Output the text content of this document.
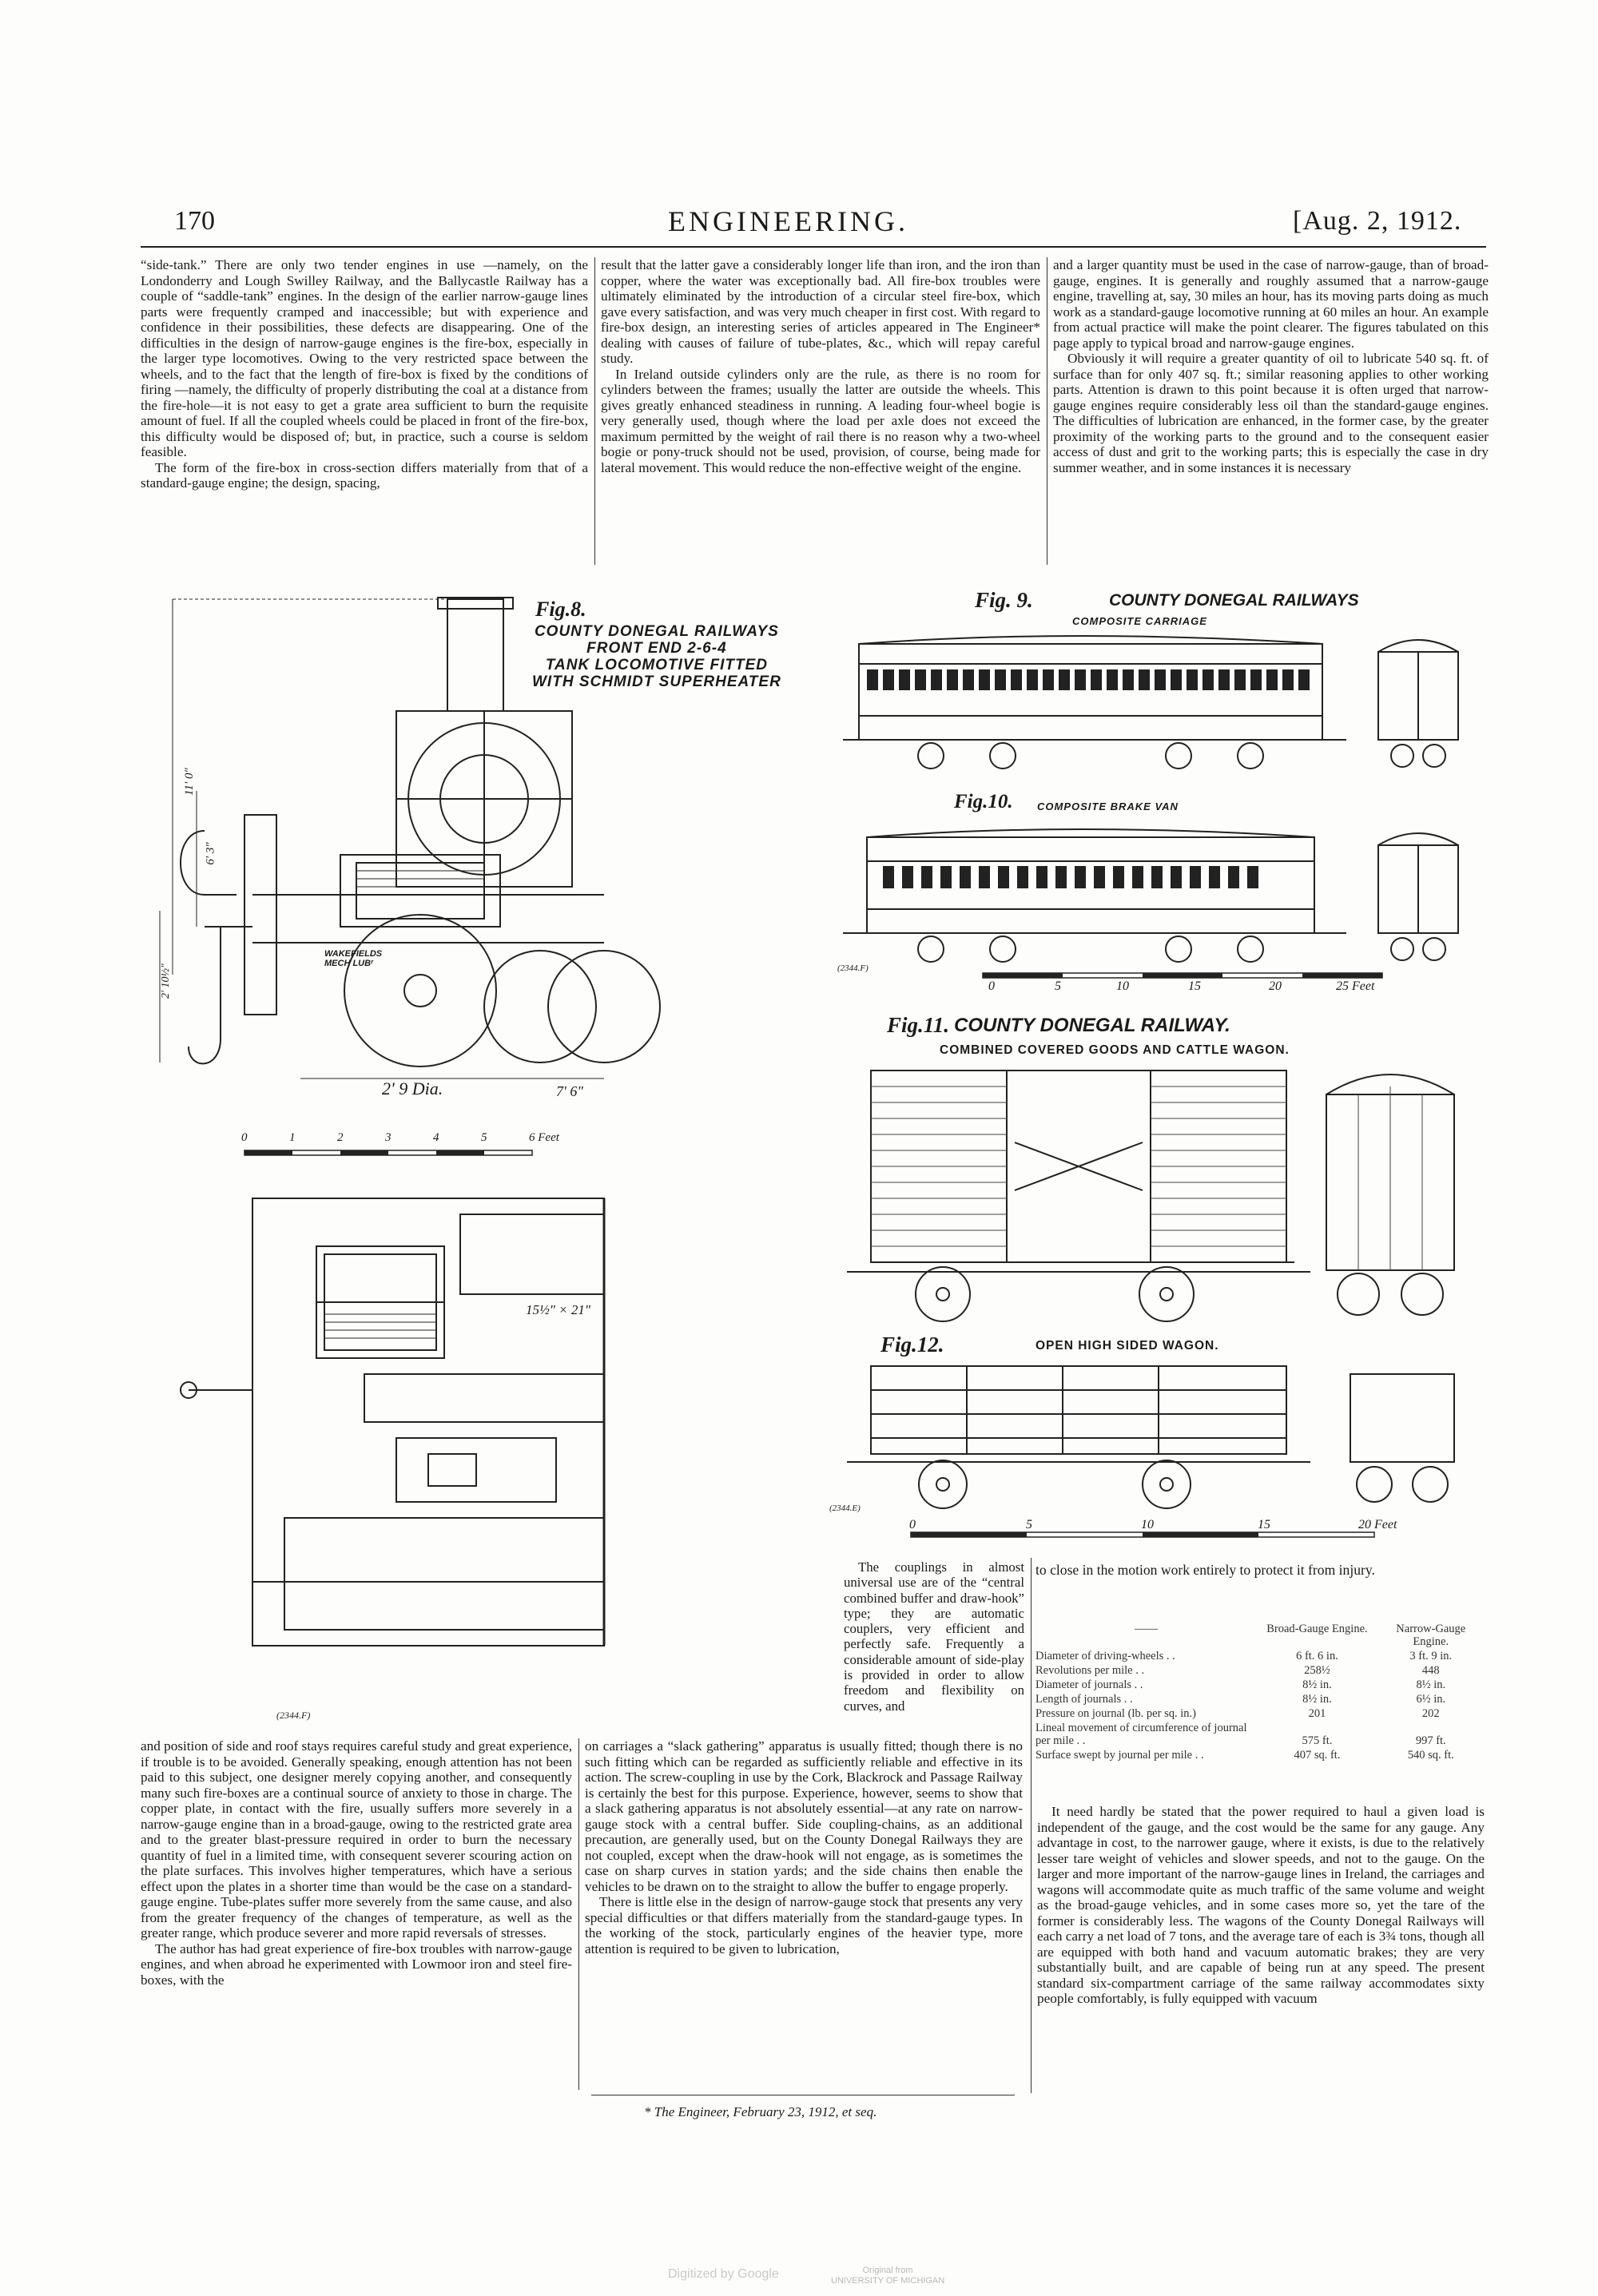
170	ENGINEERING.	[Aug. 2, 1912.

“side-tank.” There are only two tender engines in use —namely, on the Londonderry and Lough Swilley Railway, and the Ballycastle Railway has a couple of “saddle-tank” engines. In the design of the earlier narrow-gauge lines parts were frequently cramped and inaccessible; but with experience and confidence in their possibilities, these defects are disappearing. One of the difficulties in the design of narrow-gauge engines is the fire-box, especially in the larger type locomotives. Owing to the very restricted space between the wheels, and to the fact that the length of fire-box is fixed by the conditions of firing —namely, the difficulty of properly distributing the coal at a distance from the fire-hole—it is not easy to get a grate area sufficient to burn the requisite amount of fuel. If all the coupled wheels could be placed in front of the fire-box, this difficulty would be disposed of; but, in practice, such a course is seldom feasible.

The form of the fire-box in cross-section differs materially from that of a standard-gauge engine; the design, spacing,

result that the latter gave a considerably longer life than iron, and the iron than copper, where the water was exceptionally bad. All fire-box troubles were ultimately eliminated by the introduction of a circular steel fire-box, which gave every satisfaction, and was very much cheaper in first cost. With regard to fire-box design, an interesting series of articles appeared in The Engineer* dealing with causes of failure of tube-plates, &c., which will repay careful study.

In Ireland outside cylinders only are the rule, as there is no room for cylinders between the frames; usually the latter are outside the wheels. This gives greatly enhanced steadiness in running. A leading four-wheel bogie is very generally used, though where the load per axle does not exceed the maximum permitted by the weight of rail there is no reason why a two-wheel bogie or pony-truck should not be used, provision, of course, being made for lateral movement. This would reduce the non-effective weight of the engine.

and a larger quantity must be used in the case of narrow-gauge, than of broad-gauge, engines. It is generally and roughly assumed that a narrow-gauge engine, travelling at, say, 30 miles an hour, has its moving parts doing as much work as a standard-gauge locomotive running at 60 miles an hour. An example from actual practice will make the point clearer. The figures tabulated on this page apply to typical broad and narrow-gauge engines.

Obviously it will require a greater quantity of oil to lubricate 540 sq. ft. of surface than for only 407 sq. ft.; similar reasoning applies to other working parts. Attention is drawn to this point because it is often urged that narrow-gauge engines require considerably less oil than the standard-gauge engines. The difficulties of lubrication are enhanced, in the former case, by the greater proximity of the working parts to the ground and to the consequent easier access of dust and grit to the working parts; this is especially the case in dry summer weather, and in some instances it is necessary

Fig.8.
COUNTY DONEGAL RAILWAYS
FRONT END 2-6-4
TANK LOCOMOTIVE FITTED
WITH SCHMIDT SUPERHEATER
11' 0"
6' 3"
2' 10½"
2' 9 Dia.	7' 6"
15½" × 21"
WAKEFIELDS
MECH LUBʳ
0	1	2	3	4	5	6 Feet
(2344.F)
Fig. 9.	COUNTY DONEGAL RAILWAYS
COMPOSITE CARRIAGE
Fig.10. COMPOSITE BRAKE VAN
(2344.F)
0	5	10	15	20	25 Feet
Fig.11. COUNTY DONEGAL RAILWAY.
COMBINED COVERED GOODS AND CATTLE WAGON.
Fig.12.	OPEN HIGH SIDED WAGON.
(2344.E)
0	5	10	15	20 Feet

The couplings in almost universal use are of the “central combined buffer and draw-hook” type; they are automatic couplers, very efficient and perfectly safe. Frequently a considerable amount of side-play is provided in order to allow freedom and flexibility on curves, and

to close in the motion work entirely to protect it from injury.

——	Broad-Gauge Engine.	Narrow-Gauge Engine.
Diameter of driving-wheels . .	6 ft. 6 in.	3 ft. 9 in.
Revolutions per mile . .	258½	448
Diameter of journals . .	8½ in.	8½ in.
Length of journals . .	8½ in.	6½ in.
Pressure on journal (lb. per sq. in.)	201	202
Lineal movement of circumference of journal per mile . .	575 ft.	997 ft.
Surface swept by journal per mile . .	407 sq. ft.	540 sq. ft.

and position of side and roof stays requires careful study and great experience, if trouble is to be avoided. Generally speaking, enough attention has not been paid to this subject, one designer merely copying another, and consequently many such fire-boxes are a continual source of anxiety to those in charge. The copper plate, in contact with the fire, usually suffers more severely in a narrow-gauge engine than in a broad-gauge, owing to the restricted grate area and to the greater blast-pressure required in order to burn the necessary quantity of fuel in a limited time, with consequent severer scouring action on the plate surfaces. This involves higher temperatures, which have a serious effect upon the plates in a shorter time than would be the case on a standard-gauge engine. Tube-plates suffer more severely from the same cause, and also from the greater frequency of the changes of temperature, as well as the greater range, which produce severer and more rapid reversals of stresses.

The author has had great experience of fire-box troubles with narrow-gauge engines, and when abroad he experimented with Lowmoor iron and steel fire-boxes, with the

on carriages a “slack gathering” apparatus is usually fitted; though there is no such fitting which can be regarded as sufficiently reliable and effective in its action. The screw-coupling in use by the Cork, Blackrock and Passage Railway is certainly the best for this purpose. Experience, however, seems to show that a slack gathering apparatus is not absolutely essential—at any rate on narrow-gauge stock with a central buffer. Side coupling-chains, as an additional precaution, are generally used, but on the County Donegal Railways they are not coupled, except when the draw-hook will not engage, as is sometimes the case on sharp curves in station yards; and the side chains then enable the vehicles to be drawn on to the straight to allow the buffer to engage properly.

There is little else in the design of narrow-gauge stock that presents any very special difficulties or that differs materially from the standard-gauge types. In the working of the stock, particularly engines of the heavier type, more attention is required to be given to lubrication,

It need hardly be stated that the power required to haul a given load is independent of the gauge, and the cost would be the same for any gauge. Any advantage in cost, to the narrower gauge, where it exists, is due to the relatively lesser tare weight of vehicles and slower speeds, and not to the gauge. On the larger and more important of the narrow-gauge lines in Ireland, the carriages and wagons will accommodate quite as much traffic of the same volume and weight as the broad-gauge vehicles, and in some cases more so, yet the tare of the former is considerably less. The wagons of the County Donegal Railways will each carry a net load of 7 tons, and the average tare of each is 3¾ tons, though all are equipped with both hand and vacuum automatic brakes; they are very substantially built, and are capable of being run at any speed. The present standard six-compartment carriage of the same railway accommodates sixty people comfortably, is fully equipped with vacuum

* The Engineer, February 23, 1912, et seq.
Digitized by Google	Original from
UNIVERSITY OF MICHIGAN
